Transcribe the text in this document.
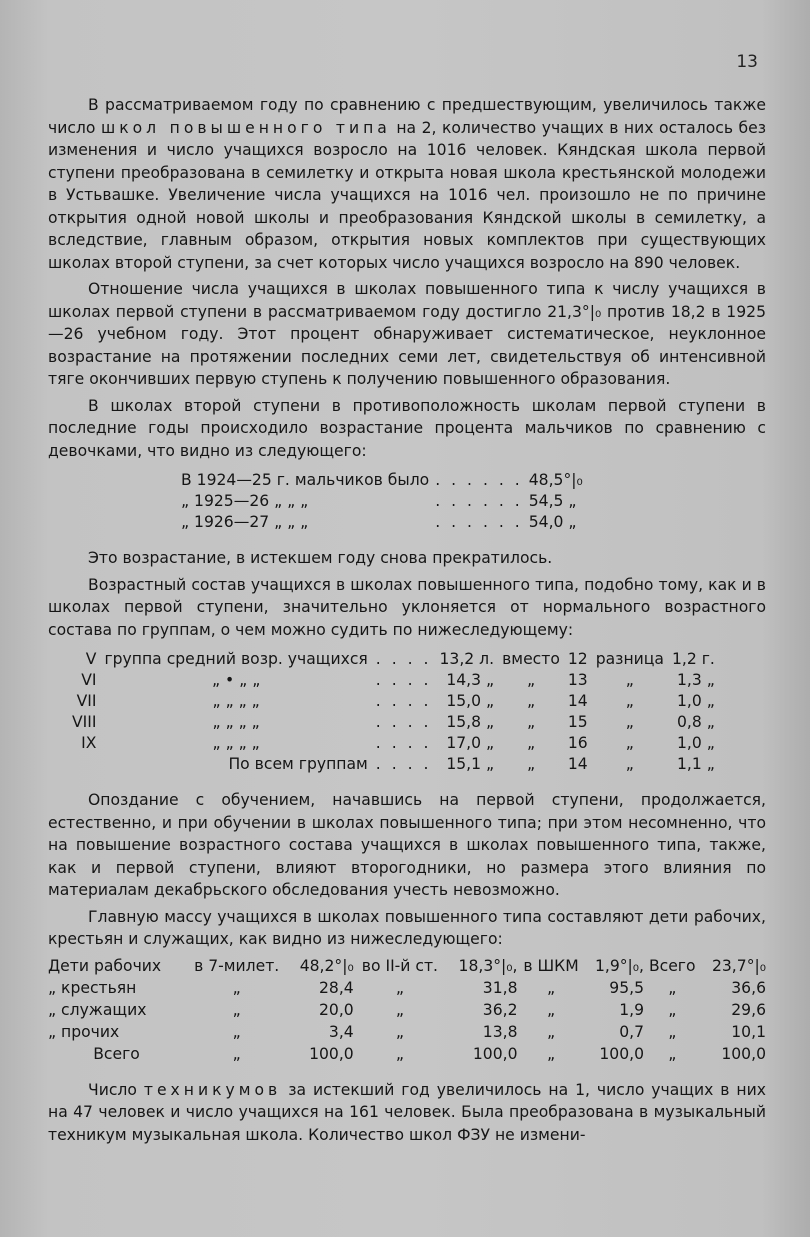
13

В рассматриваемом году по сравнению с предшествующим, увеличилось также число школ повышенного типа на 2, количество учащих в них осталось без изменения и число учащихся возросло на 1016 человек. Кяндская школа первой ступени преобразована в семилетку и открыта новая школа крестьянской молодежи в Устьвашке. Увеличение числа учащихся на 1016 чел. произошло не по причине открытия одной новой школы и преобразования Кяндской школы в семилетку, а вследствие, главным образом, открытия новых комплектов при существующих школах второй ступени, за счет которых число учащихся возросло на 890 человек.

Отношение числа учащихся в школах повышенного типа к числу учащихся в школах первой ступени в рассматриваемом году достигло 21,3°|₀ против 18,2 в 1925—26 учебном году. Этот процент обнаруживает систематическое, неуклонное возрастание на протяжении последних семи лет, свидетельствуя об интенсивной тяге окончивших первую ступень к получению повышенного образования.

В школах второй ступени в противоположность школам первой ступени в последние годы происходило возрастание процента мальчиков по сравнению с девочками, что видно из следующего:

В 1924—25 г. мальчиков было	. . . . . .	48,5°|₀
„ 1925—26 „ „ „	. . . . . .	54,5 „
„ 1926—27 „ „ „	. . . . . .	54,0 „

Это возрастание, в истекшем году снова прекратилось.

Возрастный состав учащихся в школах повышенного типа, подобно тому, как и в школах первой ступени, значительно уклоняется от нормального возрастного состава по группам, о чем можно судить по нижеследующему:

V	группа средний возр. учащихся	. . . .	13,2 л.	вместо	12	разница	1,2 г.
VI	„ • „ „	. . . .	14,3 „	„	13	„	1,3 „
VII	„ „ „ „	. . . .	15,0 „	„	14	„	1,0 „
VIII	„ „ „ „	. . . .	15,8 „	„	15	„	0,8 „
IX	„ „ „ „	. . . .	17,0 „	„	16	„	1,0 „
	По всем группам	. . . .	15,1 „	„	14	„	1,1 „

Опоздание с обучением, начавшись на первой ступени, продолжается, естественно, и при обучении в школах повышенного типа; при этом несомненно, что на повышение возрастного состава учащихся в школах повышенного типа, также, как и первой ступени, влияют второгодники, но размера этого влияния по материалам декабрьского обследования учесть невозможно.

Главную массу учащихся в школах повышенного типа составляют дети рабочих, крестьян и служащих, как видно из нижеследующего:

Дети рабочих	в 7-милет.	48,2°|₀	во II-й ст.	18,3°|₀,	в ШКМ	1,9°|₀,	Всего	23,7°|₀
„ крестьян	„	28,4	„	31,8	„	95,5	„	36,6
„ служащих	„	20,0	„	36,2	„	1,9	„	29,6
„ прочих	„	3,4	„	13,8	„	0,7	„	10,1
Всего	„	100,0	„	100,0	„	100,0	„	100,0

Число техникумов за истекший год увеличилось на 1, число учащих в них на 47 человек и число учащихся на 161 человек. Была преобразована в музыкальный техникум музыкальная школа. Количество школ ФЗУ не измени-
